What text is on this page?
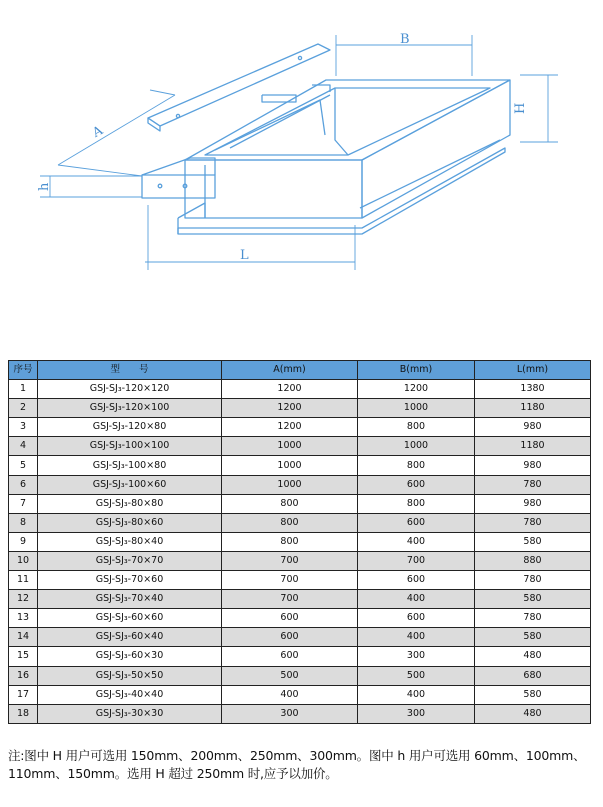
A
B
H
h
L
序号	型　　号	A(mm)	B(mm)	L(mm)
1	GSJ-SJ₃-120×120	1200	1200	1380
2	GSJ-SJ₃-120×100	1200	1000	1180
3	GSJ-SJ₃-120×80	1200	800	980
4	GSJ-SJ₃-100×100	1000	1000	1180
5	GSJ-SJ₃-100×80	1000	800	980
6	GSJ-SJ₃-100×60	1000	600	780
7	GSJ-SJ₃-80×80	800	800	980
8	GSJ-SJ₃-80×60	800	600	780
9	GSJ-SJ₃-80×40	800	400	580
10	GSJ-SJ₃-70×70	700	700	880
11	GSJ-SJ₃-70×60	700	600	780
12	GSJ-SJ₃-70×40	700	400	580
13	GSJ-SJ₃-60×60	600	600	780
14	GSJ-SJ₃-60×40	600	400	580
15	GSJ-SJ₃-60×30	600	300	480
16	GSJ-SJ₃-50×50	500	500	680
17	GSJ-SJ₃-40×40	400	400	580
18	GSJ-SJ₃-30×30	300	300	480

注:图中 H 用户可选用 150mm、200mm、250mm、300mm。图中 h 用户可选用 60mm、100mm、110mm、150mm。选用 H 超过 250mm 时,应予以加价。
